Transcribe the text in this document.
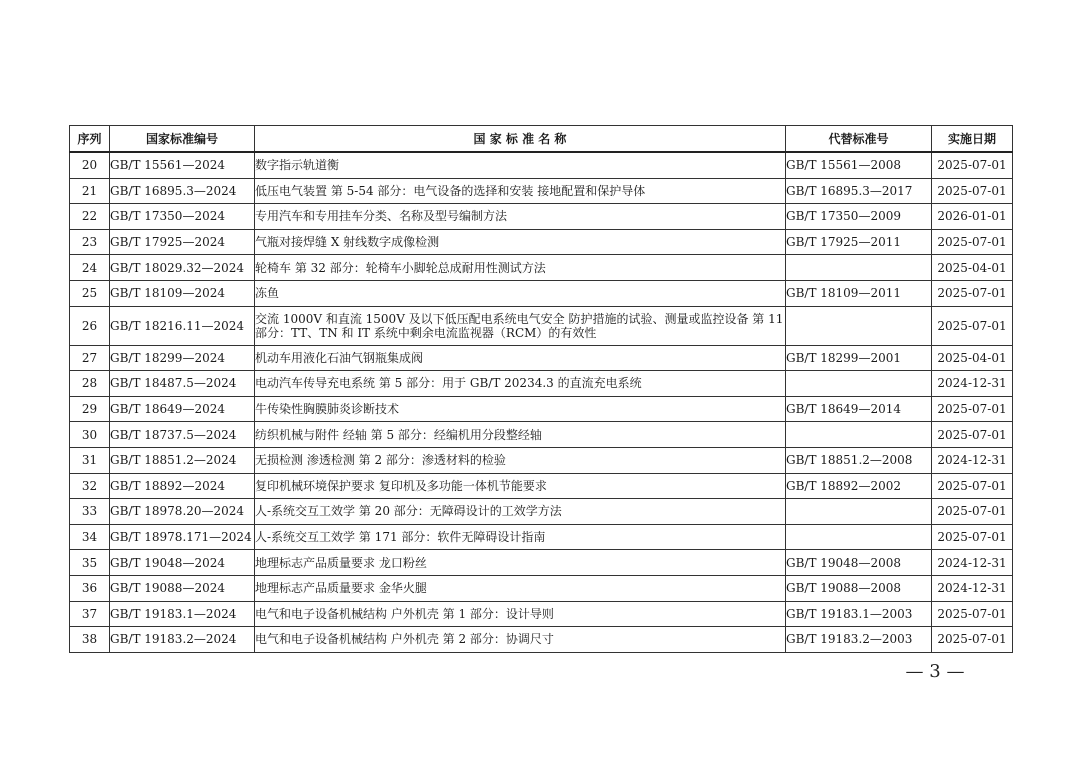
序列	国家标准编号	国 家 标 准 名 称	代替标准号	实施日期
20	GB/T 15561—2024	数字指示轨道衡	GB/T 15561—2008	2025-07-01
21	GB/T 16895.3—2024	低压电气装置 第 5-54 部分：电气设备的选择和安装 接地配置和保护导体	GB/T 16895.3—2017	2025-07-01
22	GB/T 17350—2024	专用汽车和专用挂车分类、名称及型号编制方法	GB/T 17350—2009	2026-01-01
23	GB/T 17925—2024	气瓶对接焊缝 X 射线数字成像检测	GB/T 17925—2011	2025-07-01
24	GB/T 18029.32—2024	轮椅车 第 32 部分：轮椅车小脚轮总成耐用性测试方法		2025-04-01
25	GB/T 18109—2024	冻鱼	GB/T 18109—2011	2025-07-01
26	GB/T 18216.11—2024	交流 1000V 和直流 1500V 及以下低压配电系统电气安全 防护措施的试验、测量或监控设备 第 11 部分：TT、TN 和 IT 系统中剩余电流监视器（RCM）的有效性		2025-07-01
27	GB/T 18299—2024	机动车用液化石油气钢瓶集成阀	GB/T 18299—2001	2025-04-01
28	GB/T 18487.5—2024	电动汽车传导充电系统 第 5 部分：用于 GB/T 20234.3 的直流充电系统		2024-12-31
29	GB/T 18649—2024	牛传染性胸膜肺炎诊断技术	GB/T 18649—2014	2025-07-01
30	GB/T 18737.5—2024	纺织机械与附件 经轴 第 5 部分：经编机用分段整经轴		2025-07-01
31	GB/T 18851.2—2024	无损检测 渗透检测 第 2 部分：渗透材料的检验	GB/T 18851.2—2008	2024-12-31
32	GB/T 18892—2024	复印机械环境保护要求 复印机及多功能一体机节能要求	GB/T 18892—2002	2025-07-01
33	GB/T 18978.20—2024	人-系统交互工效学 第 20 部分：无障碍设计的工效学方法		2025-07-01
34	GB/T 18978.171—2024	人-系统交互工效学 第 171 部分：软件无障碍设计指南		2025-07-01
35	GB/T 19048—2024	地理标志产品质量要求 龙口粉丝	GB/T 19048—2008	2024-12-31
36	GB/T 19088—2024	地理标志产品质量要求 金华火腿	GB/T 19088—2008	2024-12-31
37	GB/T 19183.1—2024	电气和电子设备机械结构 户外机壳 第 1 部分：设计导则	GB/T 19183.1—2003	2025-07-01
38	GB/T 19183.2—2024	电气和电子设备机械结构 户外机壳 第 2 部分：协调尺寸	GB/T 19183.2—2003	2025-07-01
— 3 —
